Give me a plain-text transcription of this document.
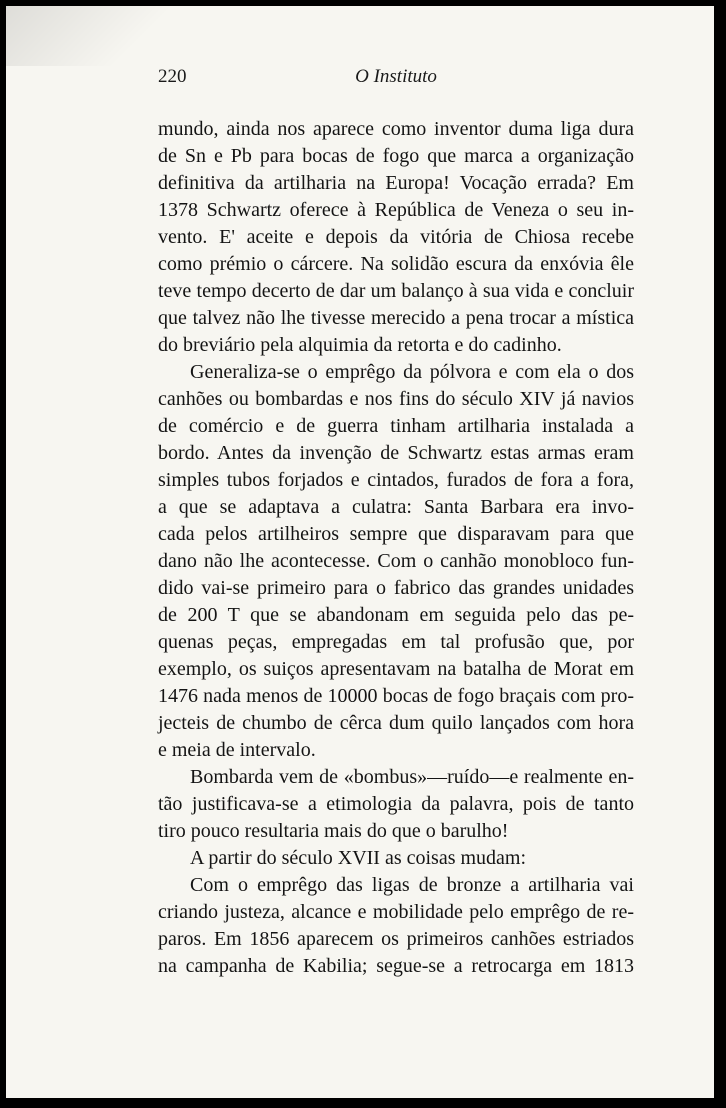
220	O Instituto
mundo, ainda nos aparece como inventor duma liga dura
de Sn e Pb para bocas de fogo que marca a organização
definitiva da artilharia na Europa! Vocação errada? Em
1378 Schwartz oferece à República de Veneza o seu in-
vento. E' aceite e depois da vitória de Chiosa recebe
como prémio o cárcere. Na solidão escura da enxóvia êle
teve tempo decerto de dar um balanço à sua vida e concluir
que talvez não lhe tivesse merecido a pena trocar a mística
do breviário pela alquimia da retorta e do cadinho.
Generaliza-se o emprêgo da pólvora e com ela o dos
canhões ou bombardas e nos fins do século XIV já navios
de comércio e de guerra tinham artilharia instalada a
bordo. Antes da invenção de Schwartz estas armas eram
simples tubos forjados e cintados, furados de fora a fora,
a que se adaptava a culatra: Santa Barbara era invo-
cada pelos artilheiros sempre que disparavam para que
dano não lhe acontecesse. Com o canhão monobloco fun-
dido vai-se primeiro para o fabrico das grandes unidades
de 200 T que se abandonam em seguida pelo das pe-
quenas peças, empregadas em tal profusão que, por
exemplo, os suiços apresentavam na batalha de Morat em
1476 nada menos de 10000 bocas de fogo braçais com pro-
jecteis de chumbo de cêrca dum quilo lançados com hora
e meia de intervalo.
Bombarda vem de «bombus»—ruído—e realmente en-
tão justificava-se a etimologia da palavra, pois de tanto
tiro pouco resultaria mais do que o barulho!
A partir do século XVII as coisas mudam:
Com o emprêgo das ligas de bronze a artilharia vai
criando justeza, alcance e mobilidade pelo emprêgo de re-
paros. Em 1856 aparecem os primeiros canhões estriados
na campanha de Kabilia; segue-se a retrocarga em 1813
